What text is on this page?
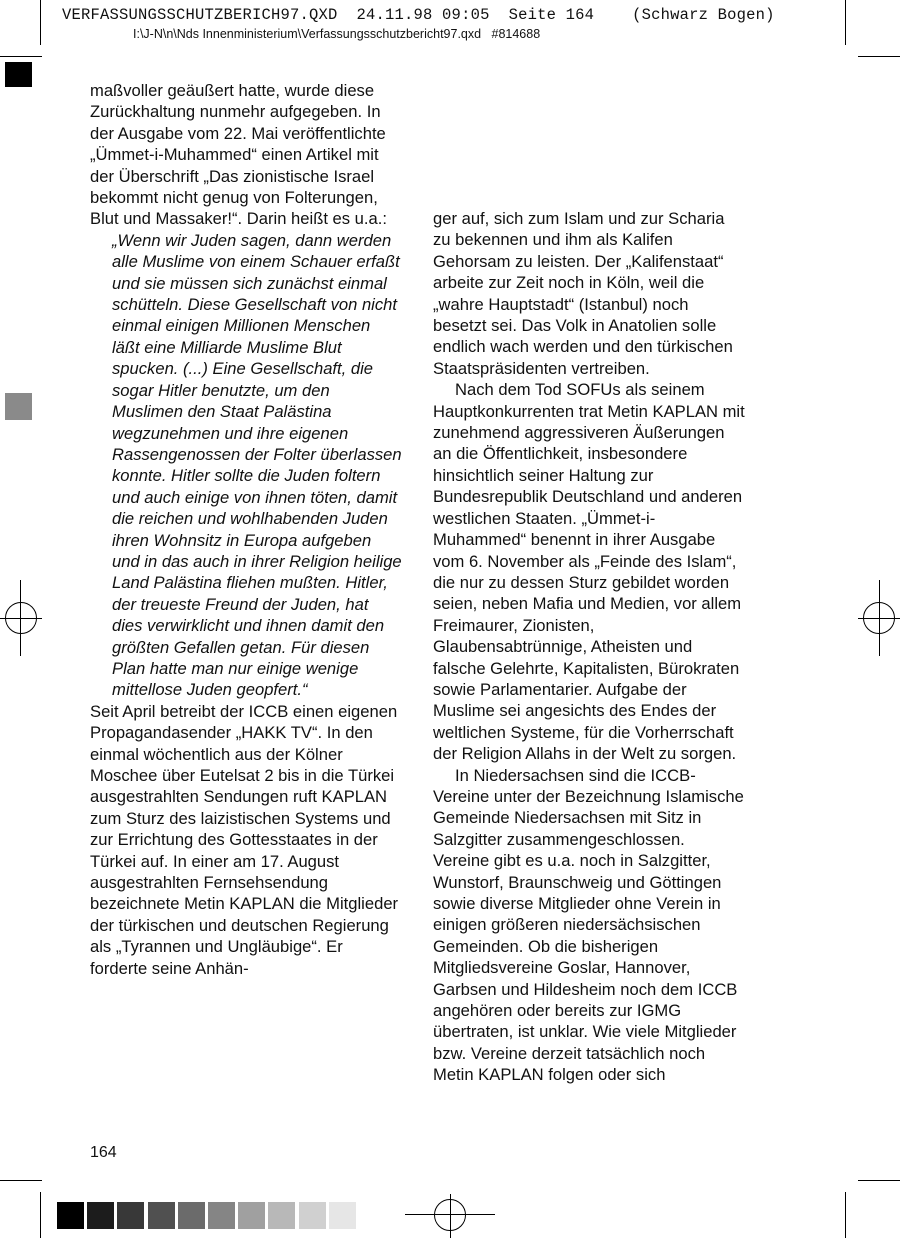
VERFASSUNGSSCHUTZBERICH97.QXD  24.11.98 09:05  Seite 164    (Schwarz Bogen)
I:\J-N\n\Nds Innenministerium\Verfassungsschutzbericht97.qxd   #814688

maßvoller geäußert hatte, wurde diese Zurückhaltung nunmehr aufgegeben. In der Ausgabe vom 22. Mai veröffentlichte „Ümmet-i-Muhammed“ einen Artikel mit der Überschrift „Das zionistische Israel bekommt nicht genug von Folterungen, Blut und Massaker!“. Darin heißt es u.a.:

„Wenn wir Juden sagen, dann werden alle Muslime von einem Schauer erfaßt und sie müssen sich zunächst einmal schütteln. Diese Gesellschaft von nicht einmal einigen Millionen Menschen läßt eine Milliarde Muslime Blut spucken. (...) Eine Gesellschaft, die sogar Hitler benutzte, um den Muslimen den Staat Palästina wegzunehmen und ihre eigenen Rassengenossen der Folter überlassen konnte. Hitler sollte die Juden foltern und auch einige von ihnen töten, damit die reichen und wohlhabenden Juden ihren Wohnsitz in Europa aufgeben und in das auch in ihrer Religion heilige Land Palästina fliehen mußten. Hitler, der treueste Freund der Juden, hat dies verwirklicht und ihnen damit den größten Gefallen getan. Für diesen Plan hatte man nur einige wenige mittellose Juden geopfert.“

Seit April betreibt der ICCB einen eigenen Propagandasender „HAKK TV“. In den einmal wöchentlich aus der Kölner Moschee über Eutelsat 2 bis in die Türkei ausgestrahlten Sendungen ruft KAPLAN zum Sturz des laizistischen Systems und zur Errichtung des Gottesstaates in der Türkei auf. In einer am 17. August ausgestrahlten Fernsehsendung bezeichnete Metin KAPLAN die Mitglieder der türkischen und deutschen Regierung als „Tyrannen und Ungläubige“. Er forderte seine Anhän-

ger auf, sich zum Islam und zur Scharia zu bekennen und ihm als Kalifen Gehorsam zu leisten. Der „Kalifenstaat“ arbeite zur Zeit noch in Köln, weil die „wahre Hauptstadt“ (Istanbul) noch besetzt sei. Das Volk in Anatolien solle endlich wach werden und den türkischen Staatspräsidenten vertreiben.

Nach dem Tod SOFUs als seinem Hauptkonkurrenten trat Metin KAPLAN mit zunehmend aggressiveren Äußerungen an die Öffentlichkeit, insbesondere hinsichtlich seiner Haltung zur Bundesrepublik Deutschland und anderen westlichen Staaten. „Ümmet-i-Muhammed“ benennt in ihrer Ausgabe vom 6. November als „Feinde des Islam“, die nur zu dessen Sturz gebildet worden seien, neben Mafia und Medien, vor allem Freimaurer, Zionisten, Glaubensabtrünnige, Atheisten und falsche Gelehrte, Kapitalisten, Bürokraten sowie Parlamentarier. Aufgabe der Muslime sei angesichts des Endes der weltlichen Systeme, für die Vorherrschaft der Religion Allahs in der Welt zu sorgen.

In Niedersachsen sind die ICCB-Vereine unter der Bezeichnung Islamische Gemeinde Niedersachsen mit Sitz in Salzgitter zusammengeschlossen. Vereine gibt es u.a. noch in Salzgitter, Wunstorf, Braunschweig und Göttingen sowie diverse Mitglieder ohne Verein in einigen größeren niedersächsischen Gemeinden. Ob die bisherigen Mitgliedsvereine Goslar, Hannover, Garbsen und Hildesheim noch dem ICCB angehören oder bereits zur IGMG übertraten, ist unklar. Wie viele Mitglieder bzw. Vereine derzeit tatsächlich noch Metin KAPLAN folgen oder sich

164
